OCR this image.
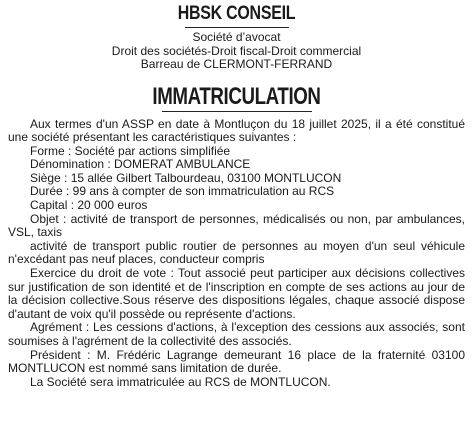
HBSK CONSEIL
Société d’avocat
Droit des sociétés-Droit fiscal-Droit commercial
Barreau de CLERMONT-FERRAND
IMMATRICULATION

Aux termes d'un ASSP en date à Montluçon du 18 juillet 2025, il a été constitué une société présentant les caractéristiques suivantes :

Forme : Société par actions simplifiée

Dénomination : DOMERAT AMBULANCE

Siège : 15 allée Gilbert Talbourdeau, 03100 MONTLUCON

Durée : 99 ans à compter de son immatriculation au RCS

Capital : 20 000 euros

Objet : activité de transport de personnes, médicalisés ou non, par ambulances, VSL, taxis

activité de transport public routier de personnes au moyen d'un seul véhicule n'excédant pas neuf places, conducteur compris

Exercice du droit de vote : Tout associé peut participer aux décisions collectives sur justification de son identité et de l'inscription en compte de ses actions au jour de la décision collective.Sous réserve des dispositions légales, chaque associé dispose d'autant de voix qu'il possède ou représente d'actions.

Agrément : Les cessions d'actions, à l'exception des cessions aux associés, sont soumises à l'agrément de la collectivité des associés.

Président : M. Frédéric Lagrange demeurant 16 place de la fraternité 03100 MONTLUCON est nommé sans limitation de durée.

La Société sera immatriculée au RCS de MONTLUCON.
